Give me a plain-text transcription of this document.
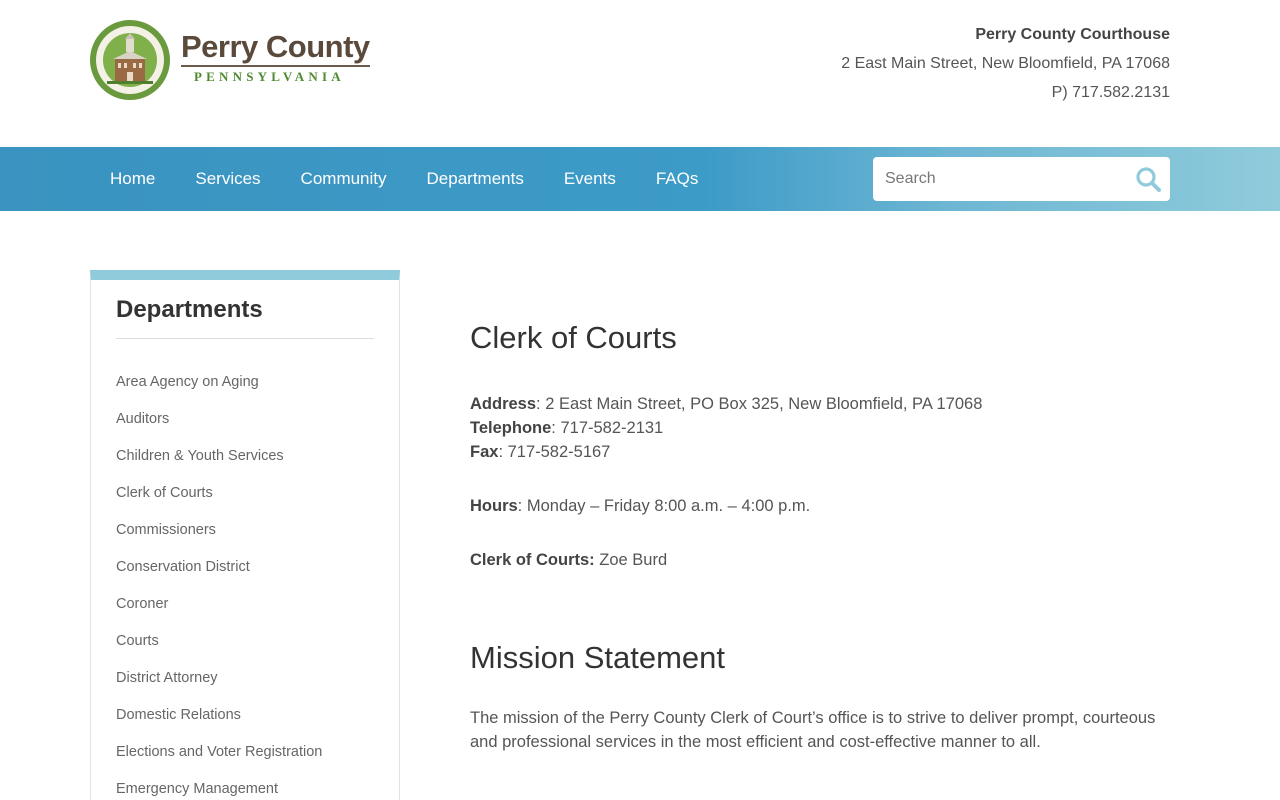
Perry County
PENNSYLVANIA
Perry County Courthouse
2 East Main Street, New Bloomfield, PA 17068
P) 717.582.2131
Home Services Community Departments Events FAQs
Search
Departments
Area Agency on Aging
Auditors
Children & Youth Services
Clerk of Courts
Commissioners
Conservation District
Coroner
Courts
District Attorney
Domestic Relations
Elections and Voter Registration
Emergency Management
Clerk of Courts
Address: 2 East Main Street, PO Box 325, New Bloomfield, PA 17068
Telephone: 717-582-2131
Fax: 717-582-5167
Hours: Monday – Friday 8:00 a.m. – 4:00 p.m.
Clerk of Courts: Zoe Burd
Mission Statement

The mission of the Perry County Clerk of Court’s office is to strive to deliver prompt, courteous and professional services in the most efficient and cost-effective manner to all.
